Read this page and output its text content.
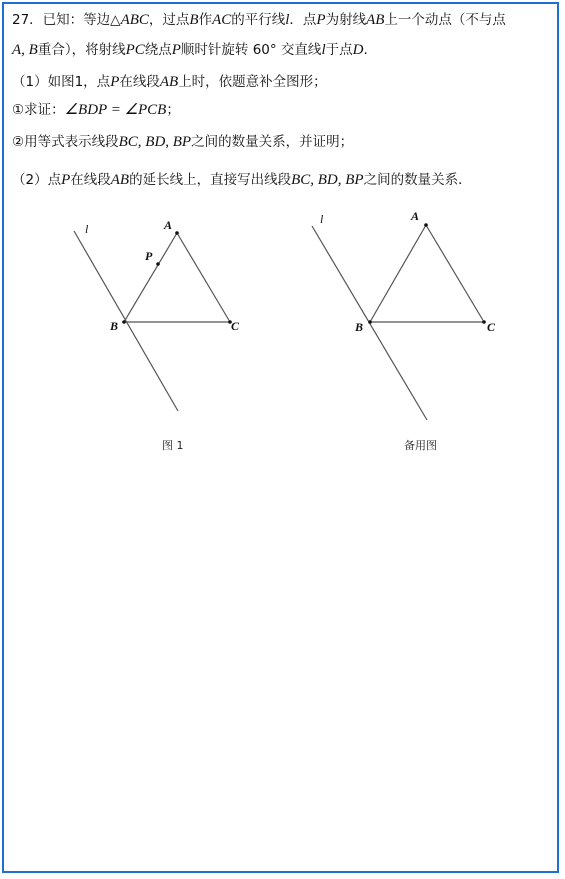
27．已知：等边△ABC，过点B作AC的平行线l．点P为射线AB上一个动点（不与点
A, B重合），将射线PC绕点P顺时针旋转 60° 交直线l于点D.
（1）如图1，点P在线段AB上时，依题意补全图形；
①求证：∠BDP = ∠PCB；
②用等式表示线段BC, BD, BP之间的数量关系，并证明；
（2）点P在线段AB的延长线上，直接写出线段BC, BD, BP之间的数量关系．
l	A
P
B	C
图 1
l	A
B	C
备用图
